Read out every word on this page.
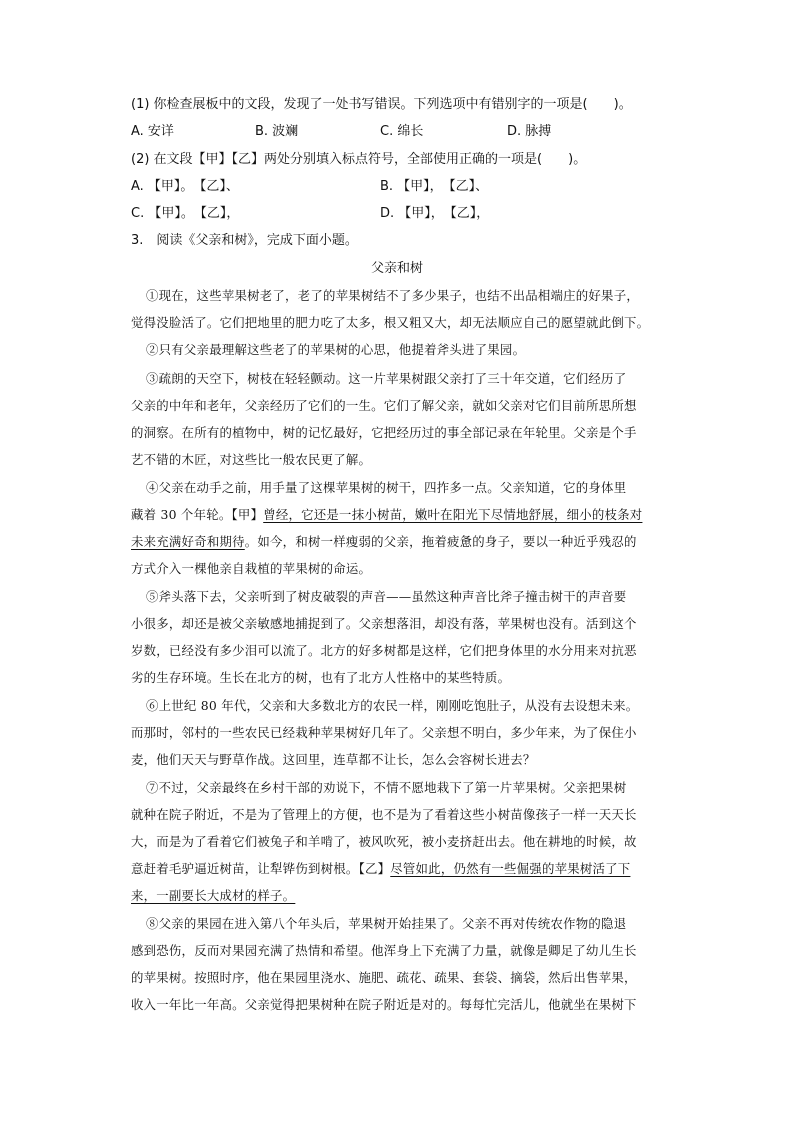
(1) 你检查展板中的文段，发现了一处书写错误。下列选项中有错别字的一项是(　　)。
A. 安详	B. 波斓	C. 绵长	D. 脉搏
(2) 在文段【甲】【乙】两处分别填入标点符号，全部使用正确的一项是(　　)。
A. 【甲】。　【乙】、	B. 【甲】，　【乙】、
C. 【甲】。　【乙】，	D. 【甲】，　【乙】，
3.　阅读《父亲和树》，完成下面小题。
父亲和树
①现在，这些苹果树老了，老了的苹果树结不了多少果子，也结不出品相端庄的好果子，
觉得没脸活了。它们把地里的肥力吃了太多，根又粗又大，却无法顺应自己的愿望就此倒下。
②只有父亲最理解这些老了的苹果树的心思，他提着斧头进了果园。
③疏朗的天空下，树枝在轻轻颤动。这一片苹果树跟父亲打了三十年交道，它们经历了
父亲的中年和老年，父亲经历了它们的一生。它们了解父亲，就如父亲对它们目前所思所想
的洞察。在所有的植物中，树的记忆最好，它把经历过的事全部记录在年轮里。父亲是个手
艺不错的木匠，对这些比一般农民更了解。
④父亲在动手之前，用手量了这棵苹果树的树干，四拃多一点。父亲知道，它的身体里
藏着 30 个年轮。【甲】曾经，它还是一抹小树苗，嫩叶在阳光下尽情地舒展，细小的枝条对
未来充满好奇和期待。如今，和树一样瘦弱的父亲，拖着疲惫的身子，要以一种近乎残忍的
方式介入一棵他亲自栽植的苹果树的命运。
⑤斧头落下去，父亲听到了树皮破裂的声音——虽然这种声音比斧子撞击树干的声音要
小很多，却还是被父亲敏感地捕捉到了。父亲想落泪，却没有落，苹果树也没有。活到这个
岁数，已经没有多少泪可以流了。北方的好多树都是这样，它们把身体里的水分用来对抗恶
劣的生存环境。生长在北方的树，也有了北方人性格中的某些特质。
⑥上世纪 80 年代，父亲和大多数北方的农民一样，刚刚吃饱肚子，从没有去设想未来。
而那时，邻村的一些农民已经栽种苹果树好几年了。父亲想不明白，多少年来，为了保住小
麦，他们天天与野草作战。这回里，连草都不让长，怎么会容树长进去？
⑦不过，父亲最终在乡村干部的劝说下，不情不愿地栽下了第一片苹果树。父亲把果树
就种在院子附近，不是为了管理上的方便，也不是为了看着这些小树苗像孩子一样一天天长
大，而是为了看着它们被兔子和羊啃了，被风吹死，被小麦挤赶出去。他在耕地的时候，故
意赶着毛驴逼近树苗，让犁铧伤到树根。【乙】尽管如此，仍然有一些倔强的苹果树活了下
来，一副要长大成材的样子。
⑧父亲的果园在进入第八个年头后，苹果树开始挂果了。父亲不再对传统农作物的隐退
感到恐伤，反而对果园充满了热情和希望。他浑身上下充满了力量，就像是卿足了幼儿生长
的苹果树。按照时序，他在果园里浇水、施肥、疏花、疏果、套袋、摘袋，然后出售苹果，
收入一年比一年高。父亲觉得把果树种在院子附近是对的。每每忙完活儿，他就坐在果树下
